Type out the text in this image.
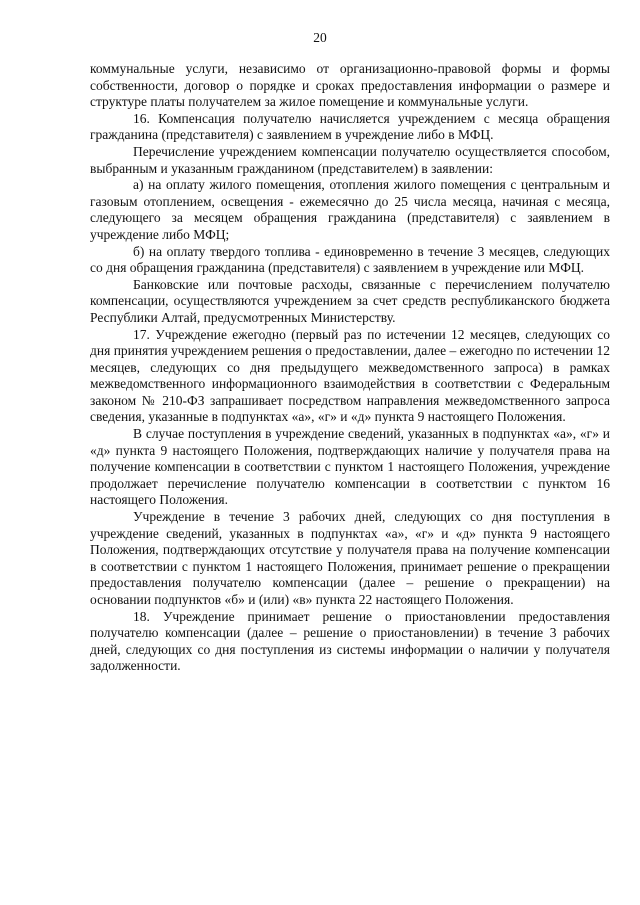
20

коммунальные услуги, независимо от организационно-правовой формы и формы собственности, договор о порядке и сроках предоставления информации о размере и структуре платы получателем за жилое помещение и коммунальные услуги.

16. Компенсация получателю начисляется учреждением с месяца обращения гражданина (представителя) с заявлением в учреждение либо в МФЦ.

Перечисление учреждением компенсации получателю осуществляется способом, выбранным и указанным гражданином (представителем) в заявлении:

а) на оплату жилого помещения, отопления жилого помещения с центральным и газовым отоплением, освещения - ежемесячно до 25 числа месяца, начиная с месяца, следующего за месяцем обращения гражданина (представителя) с заявлением в учреждение либо МФЦ;

б) на оплату твердого топлива - единовременно в течение 3 месяцев, следующих со дня обращения гражданина (представителя) с заявлением в учреждение или МФЦ.

Банковские или почтовые расходы, связанные с перечислением получателю компенсации, осуществляются учреждением за счет средств республиканского бюджета Республики Алтай, предусмотренных Министерству.

17. Учреждение ежегодно (первый раз по истечении 12 месяцев, следующих со дня принятия учреждением решения о предоставлении, далее – ежегодно по истечении 12 месяцев, следующих со дня предыдущего межведомственного запроса) в рамках межведомственного информационного взаимодействия в соответствии с Федеральным законом № 210-ФЗ запрашивает посредством направления межведомственного запроса сведения, указанные в подпунктах «а», «г» и «д» пункта 9 настоящего Положения.

В случае поступления в учреждение сведений, указанных в подпунктах «а», «г» и «д» пункта 9 настоящего Положения, подтверждающих наличие у получателя права на получение компенсации в соответствии с пунктом 1 настоящего Положения, учреждение продолжает перечисление получателю компенсации в соответствии с пунктом 16 настоящего Положения.

Учреждение в течение 3 рабочих дней, следующих со дня поступления в учреждение сведений, указанных в подпунктах «а», «г» и «д» пункта 9 настоящего Положения, подтверждающих отсутствие у получателя права на получение компенсации в соответствии с пунктом 1 настоящего Положения, принимает решение о прекращении предоставления получателю компенсации (далее – решение о прекращении) на основании подпунктов «б» и (или) «в» пункта 22 настоящего Положения.

18. Учреждение принимает решение о приостановлении предоставления получателю компенсации (далее – решение о приостановлении) в течение 3 рабочих дней, следующих со дня поступления из системы информации о наличии у получателя задолженности.
